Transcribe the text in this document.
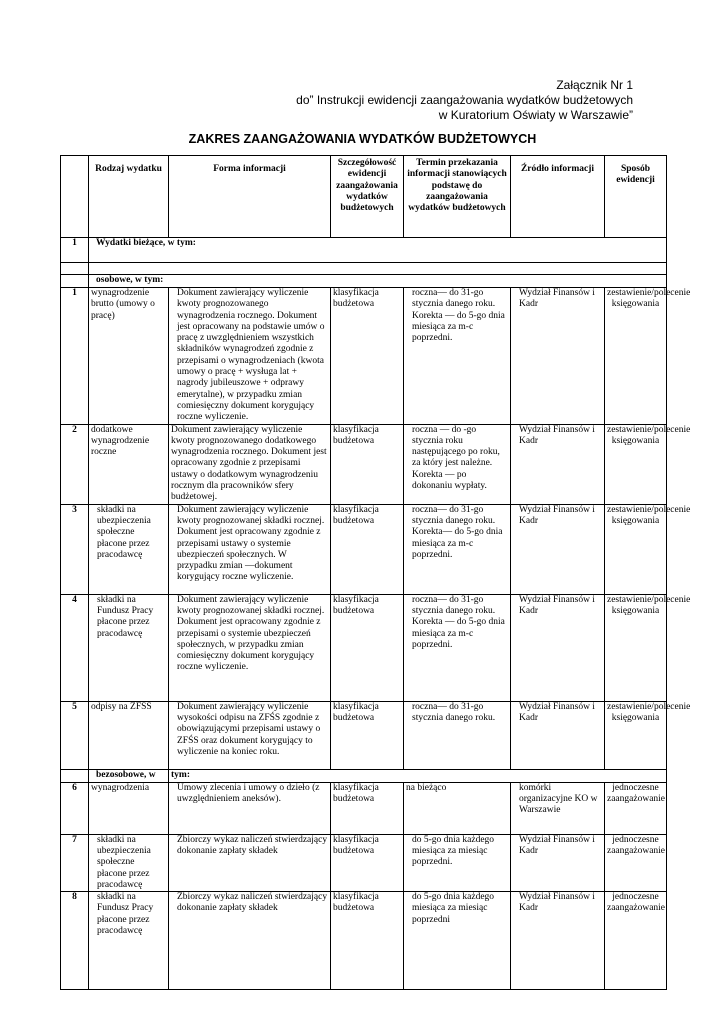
Załącznik Nr 1
do” Instrukcji ewidencji zaangażowania wydatków budżetowych
w Kuratorium Oświaty w Warszawie”
ZAKRES ZAANGAŻOWANIA WYDATKÓW BUDŻETOWYCH
	Rodzaj wydatku	Forma informacji	Szczegółowość ewidencji zaangażowania wydatków budżetowych	Termin przekazania informacji stanowiących podstawę do zaangażowania wydatków budżetowych	Źródło informacji	Sposób ewidencji
1	Wydatki bieżące, w tym:					

	osobowe, w tym:					
1	wynagrodzenie brutto (umowy o pracę)	Dokument zawierający wyliczenie kwoty prognozowanego wynagrodzenia rocznego. Dokument jest opracowany na podstawie umów o pracę z uwzględnieniem wszystkich składników wynagrodzeń zgodnie z przepisami o wynagrodzeniach (kwota umowy o pracę + wysługa lat + nagrody jubileuszowe + odprawy emerytalne), w przypadku zmian comiesięczny dokument korygujący roczne wyliczenie.	klasyfikacja budżetowa	roczna— do 31-go stycznia danego roku. Korekta — do 5-go dnia miesiąca za m-c poprzedni.	Wydział Finansów i Kadr	zestawienie/polecenie księgowania
2	dodatkowe wynagrodzenie roczne	Dokument zawierający wyliczenie kwoty prognozowanego dodatkowego wynagrodzenia rocznego. Dokument jest opracowany zgodnie z przepisami ustawy o dodatkowym wynagrodzeniu rocznym dla pracowników sfery budżetowej.	klasyfikacja budżetowa	roczna — do -go stycznia roku następującego po roku, za który jest należne. Korekta — po dokonaniu wypłaty.	Wydział Finansów i Kadr	zestawienie/polecenie księgowania
3	składki na ubezpieczenia społeczne płacone przez pracodawcę	Dokument zawierający wyliczenie kwoty prognozowanej składki rocznej. Dokument jest opracowany zgodnie z przepisami ustawy o systemie ubezpieczeń społecznych. W przypadku zmian —dokument korygujący roczne wyliczenie.	klasyfikacja budżetowa	roczna— do 31-go stycznia danego roku. Korekta— do 5-go dnia miesiąca za m-c poprzedni.	Wydział Finansów i Kadr	zestawienie/polecenie księgowania
4	składki na Fundusz Pracy płacone przez pracodawcę	Dokument zawierający wyliczenie kwoty prognozowanej składki rocznej. Dokument jest opracowany zgodnie z przepisami o systemie ubezpieczeń społecznych, w przypadku zmian comiesięczny dokument korygujący roczne wyliczenie.	klasyfikacja budżetowa	roczna— do 31-go stycznia danego roku. Korekta — do 5-go dnia miesiąca za m-c poprzedni.	Wydział Finansów i Kadr	zestawienie/polecenie księgowania
5	odpisy na ZFSS	Dokument zawierający wyliczenie wysokości odpisu na ZFŚS zgodnie z obowiązującymi przepisami ustawy o ZFŚS oraz dokument korygujący to wyliczenie na koniec roku.	klasyfikacja budżetowa	roczna— do 31-go stycznia danego roku.	Wydział Finansów i Kadr	zestawienie/polecenie księgowania
	bezosobowe, w	tym:				
6	wynagrodzenia	Umowy zlecenia i umowy o dzieło (z uwzględnieniem aneksów).	klasyfikacja budżetowa	na bieżąco	komórki organizacyjne KO w Warszawie	jednoczesne zaangażowanie
7	składki na ubezpieczenia społeczne płacone przez pracodawcę	Zbiorczy wykaz naliczeń stwierdzający dokonanie zapłaty składek	klasyfikacja budżetowa	do 5-go dnia każdego miesiąca za miesiąc poprzedni.	Wydział Finansów i Kadr	jednoczesne zaangażowanie
8	składki na Fundusz Pracy płacone przez pracodawcę	Zbiorczy wykaz naliczeń stwierdzający dokonanie zapłaty składek	klasyfikacja budżetowa	do 5-go dnia każdego miesiąca za miesiąc poprzedni	Wydział Finansów i Kadr	jednoczesne zaangażowanie
